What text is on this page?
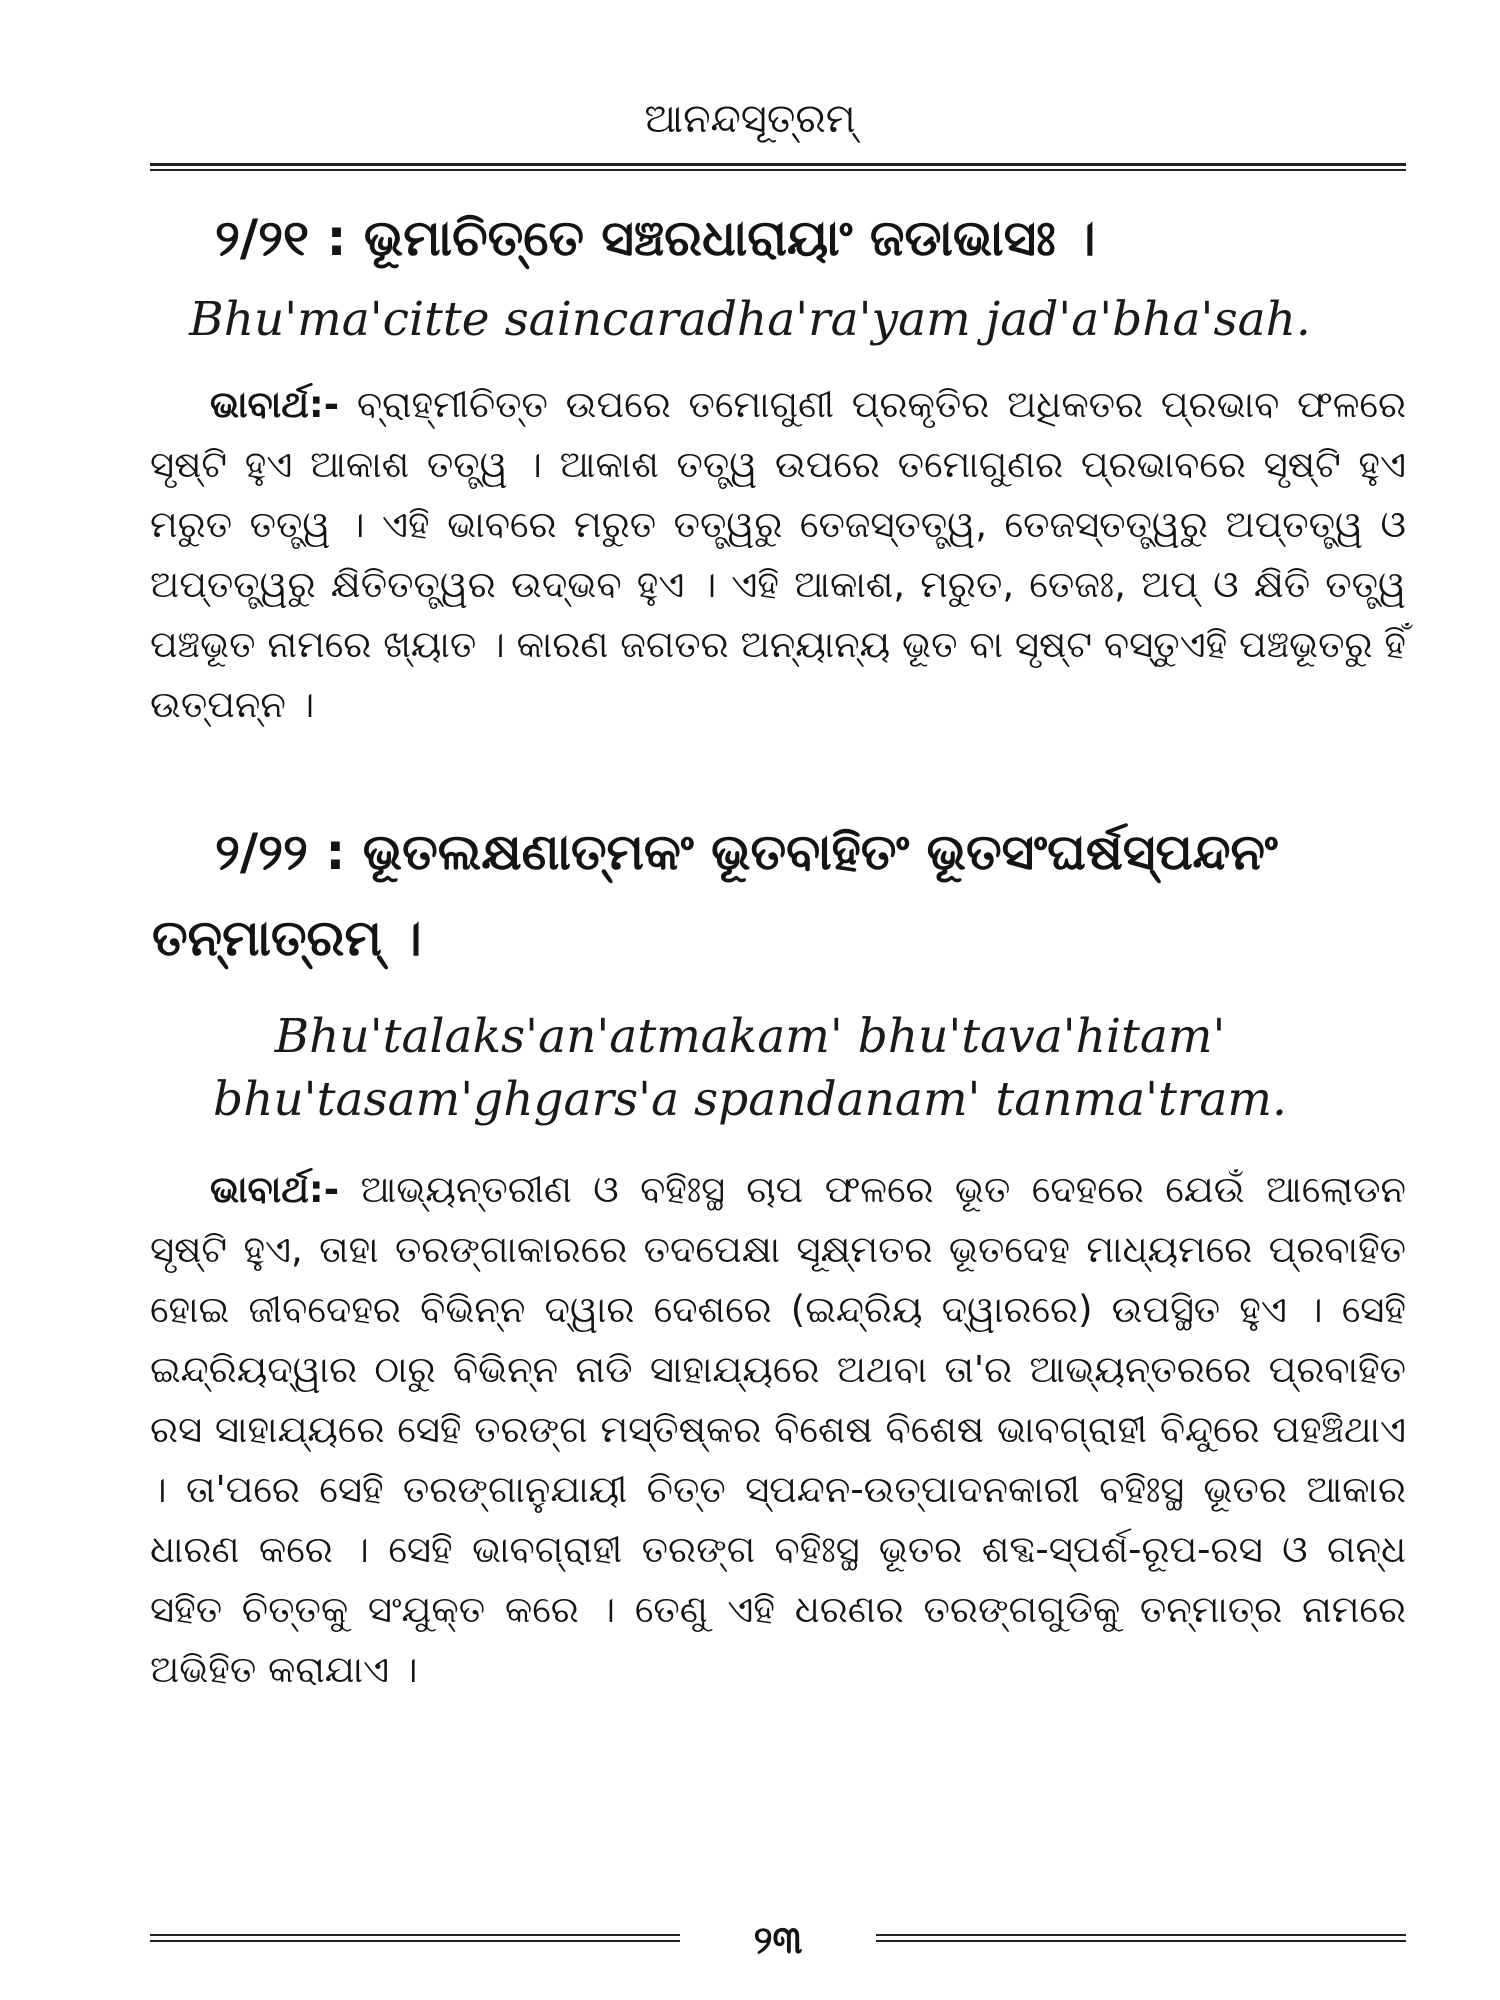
ଆନନ୍ଦସୂତ୍ରମ୍
୨/୨୧ : ଭୂମାଚିତ୍ତେ ସଞ୍ଚରଧାରାୟାଂ ଜଡାଭାସଃ ।
Bhu'ma'citte saincaradha'ra'yam jad'a'bha'sah.
ଭାବାର୍ଥ:- ବ୍ରାହ୍ମୀଚିତ୍ତ ଉପରେ ତମୋଗୁଣୀ ପ୍ରକୃତିର ଅଧିକତର ପ୍ରଭାବ ଫଳରେ ସୃଷ୍ଟି ହୁଏ ଆକାଶ ତତ୍ତ୍ୱ । ଆକାଶ ତତ୍ତ୍ୱ ଉପରେ ତମୋଗୁଣର ପ୍ରଭାବରେ ସୃଷ୍ଟି ହୁଏ ମରୁତ ତତ୍ତ୍ୱ । ଏହି ଭାବରେ ମରୁତ ତତ୍ତ୍ୱରୁ ତେଜସ୍ତତ୍ତ୍ୱ, ତେଜସ୍ତତ୍ତ୍ୱରୁ ଅପ୍‌ତତ୍ତ୍ୱ ଓ ଅପ୍‌ତତ୍ତ୍ୱରୁ କ୍ଷିତିତତ୍ତ୍ୱର ଉଦ୍‌ଭବ ହୁଏ । ଏହି ଆକାଶ, ମରୁତ, ତେଜଃ, ଅପ୍ ଓ କ୍ଷିତି ତତ୍ତ୍ୱ ପଞ୍ଚଭୂତ ନାମରେ ଖ୍ୟାତ । କାରଣ ଜଗତର ଅନ୍ୟାନ୍ୟ ଭୂତ ବା ସୃଷ୍ଟ ବସ୍ତୁଏହି ପଞ୍ଚଭୂତରୁ ହିଁ ଉତ୍ପନ୍ନ ।
୨/୨୨ : ଭୂତଲକ୍ଷଣାତ୍ମକଂ ଭୂତବାହିତଂ ଭୂତସଂଘର୍ଷସ୍ପନ୍ଦନଂ
ତନ୍ମାତ୍ରମ୍ ।
Bhu'talaks'an'atmakam' bhu'tava'hitam'
bhu'tasam'ghgars'a spandanam' tanma'tram.
ଭାବାର୍ଥ:- ଆଭ୍ୟନ୍ତରୀଣ ଓ ବହିଃସ୍ଥ ଚାପ ଫଳରେ ଭୂତ ଦେହରେ ଯେଉଁ ଆଲୋଡନ ସୃଷ୍ଟି ହୁଏ, ତାହା ତରଙ୍ଗାକାରରେ ତଦପେକ୍ଷା ସୂକ୍ଷ୍ମତର ଭୂତଦେହ ମାଧ୍ୟମରେ ପ୍ରବାହିତ ହୋଇ ଜୀବଦେହର ବିଭିନ୍ନ ଦ୍ୱାର ଦେଶରେ (ଇନ୍ଦ୍ରିୟ ଦ୍ୱାରରେ) ଉପସ୍ଥିତ ହୁଏ । ସେହି ଇନ୍ଦ୍ରିୟଦ୍ୱାର ଠାରୁ ବିଭିନ୍ନ ନାଡି ସାହାଯ୍ୟରେ ଅଥବା ତା'ର ଆଭ୍ୟନ୍ତରରେ ପ୍ରବାହିତ ରସ ସାହାଯ୍ୟରେ ସେହି ତରଙ୍ଗ ମସ୍ତିଷ୍କର ବିଶେଷ ବିଶେଷ ଭାବଗ୍ରାହୀ ବିନ୍ଦୁରେ ପହଞ୍ଚିଥାଏ । ତା'ପରେ ସେହି ତରଙ୍ଗାନୁଯାୟୀ ଚିତ୍ତ ସ୍ପନ୍ଦନ-ଉତ୍ପାଦନକାରୀ ବହିଃସ୍ଥ ଭୂତର ଆକାର ଧାରଣ କରେ । ସେହି ଭାବଗ୍ରାହୀ ତରଙ୍ଗ ବହିଃସ୍ଥ ଭୂତର ଶବ୍ଦ-ସ୍ପର୍ଶ-ରୂପ-ରସ ଓ ଗନ୍ଧ ସହିତ ଚିତ୍ତକୁ ସଂଯୁକ୍ତ କରେ । ତେଣୁ ଏହି ଧରଣର ତରଙ୍ଗଗୁଡିକୁ ତନ୍ମାତ୍ର ନାମରେ ଅଭିହିତ କରାଯାଏ ।
୨୩
